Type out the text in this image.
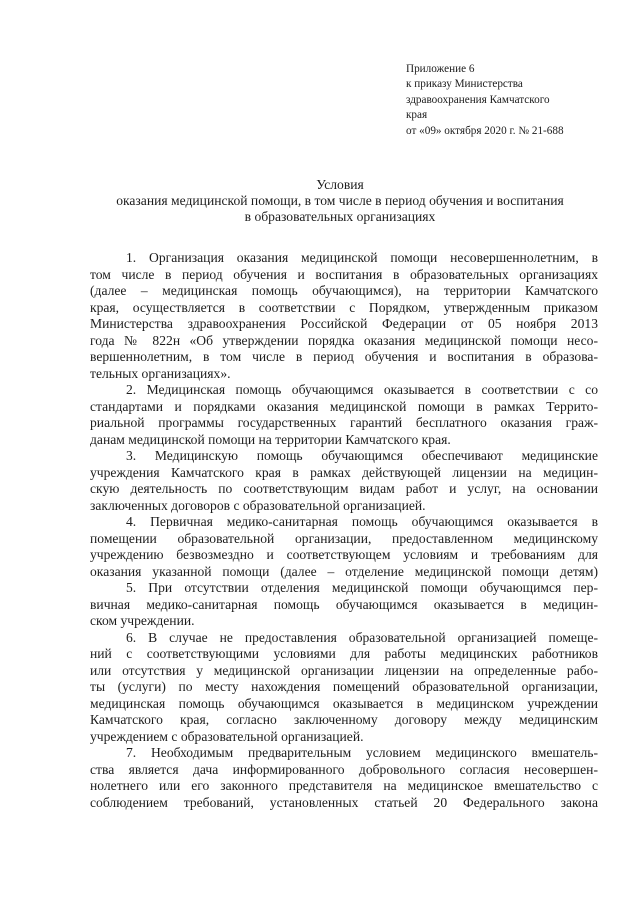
Приложение 6
к приказу Министерства
здравоохранения Камчатского
края
от «09» октября 2020 г. № 21-688
Условия
оказания медицинской помощи, в том числе в период обучения и воспитания
в образовательных организациях
1. Организация оказания медицинской помощи несовершеннолетним, в
том числе в период обучения и воспитания в образовательных организациях
(далее – медицинская помощь обучающимся), на территории Камчатского
края, осуществляется в соответствии с Порядком, утвержденным приказом
Министерства здравоохранения Российской Федерации от 05 ноября 2013
года № 822н «Об утверждении порядка оказания медицинской помощи несо-
вершеннолетним, в том числе в период обучения и воспитания в образова-
тельных организациях».
2. Медицинская помощь обучающимся оказывается в соответствии с со
стандартами и порядками оказания медицинской помощи в рамках Террито-
риальной программы государственных гарантий бесплатного оказания граж-
данам медицинской помощи на территории Камчатского края.
3. Медицинскую помощь обучающимся обеспечивают медицинские
учреждения Камчатского края в рамках действующей лицензии на медицин-
скую деятельность по соответствующим видам работ и услуг, на основании
заключенных договоров с образовательной организацией.
4. Первичная медико-санитарная помощь обучающимся оказывается в
помещении образовательной организации, предоставленном медицинскому
учреждению безвозмездно и соответствующем условиям и требованиям для
оказания указанной помощи (далее – отделение медицинской помощи детям)
5. При отсутствии отделения медицинской помощи обучающимся пер-
вичная медико-санитарная помощь обучающимся оказывается в медицин-
ском учреждении.
6. В случае не предоставления образовательной организацией помеще-
ний с соответствующими условиями для работы медицинских работников
или отсутствия у медицинской организации лицензии на определенные рабо-
ты (услуги) по месту нахождения помещений образовательной организации,
медицинская помощь обучающимся оказывается в медицинском учреждении
Камчатского края, согласно заключенному договору между медицинским
учреждением с образовательной организацией.
7. Необходимым предварительным условием медицинского вмешатель-
ства является дача информированного добровольного согласия несовершен-
нолетнего или его законного представителя на медицинское вмешательство с
соблюдением требований, установленных статьей 20 Федерального закона
